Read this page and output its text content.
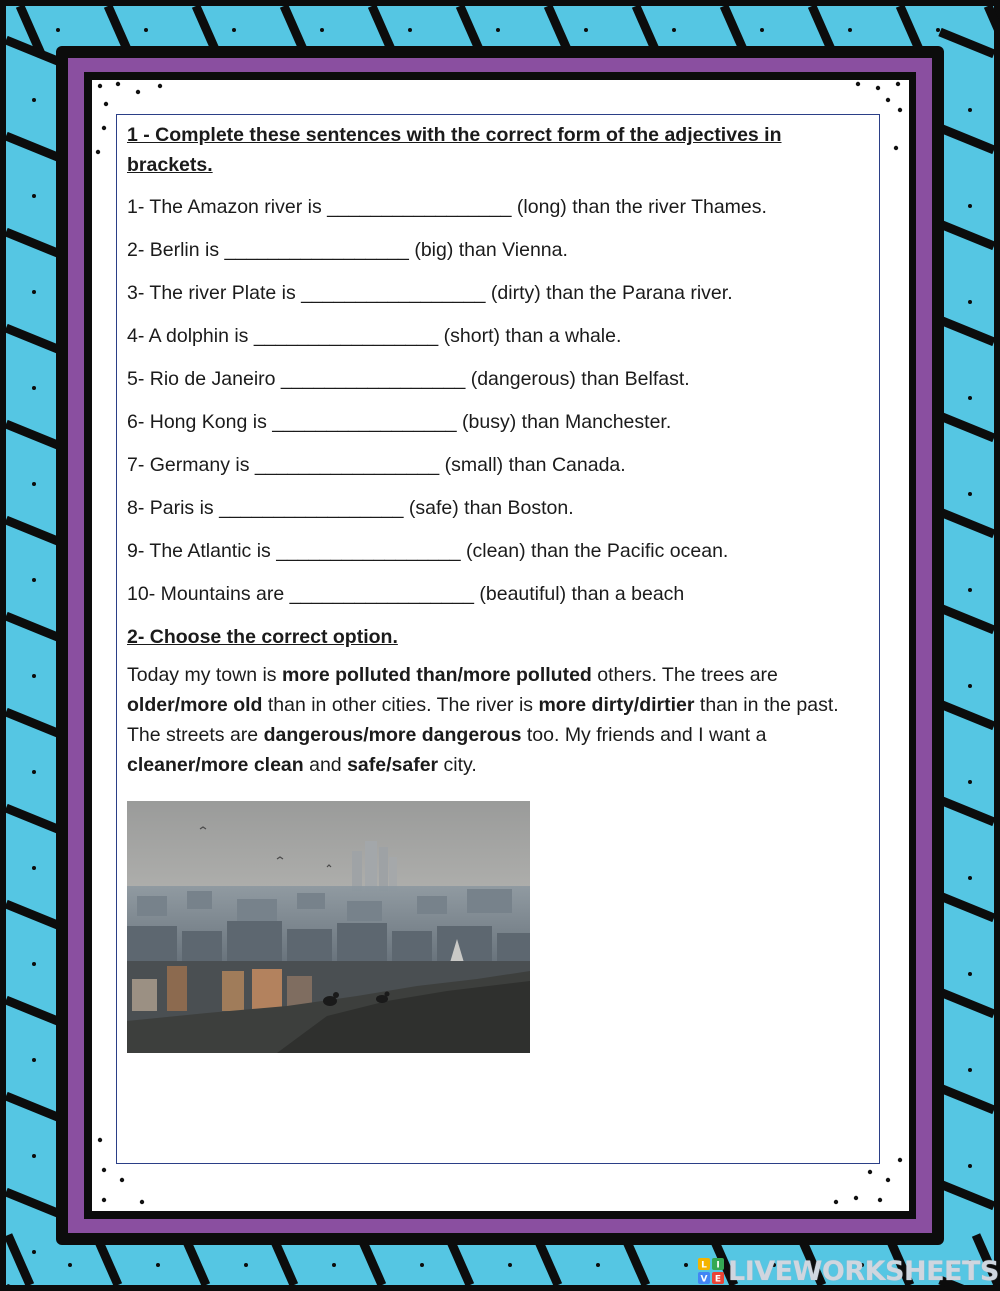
1 - Complete these sentences with the correct form of the adjectives in brackets.
1- The Amazon river is _________________ (long) than the river Thames.
2- Berlin is _________________ (big) than Vienna.
3- The river Plate is _________________ (dirty) than the Parana river.
4- A dolphin is _________________ (short) than a whale.
5- Rio de Janeiro _________________ (dangerous) than Belfast.
6- Hong Kong is _________________ (busy) than Manchester.
7- Germany is _________________ (small) than Canada.
8- Paris is _________________ (safe) than Boston.
9- The Atlantic is _________________ (clean) than the Pacific ocean.
10- Mountains are _________________ (beautiful) than a beach
2- Choose the correct option.

Today my town is more polluted than/more polluted others. The trees are older/more old than in other cities. The river is more dirty/dirtier than in the past. The streets are dangerous/more dangerous too. My friends and I want a cleaner/more clean and safe/safer city.

L I
V E LIVEWORKSHEETS
